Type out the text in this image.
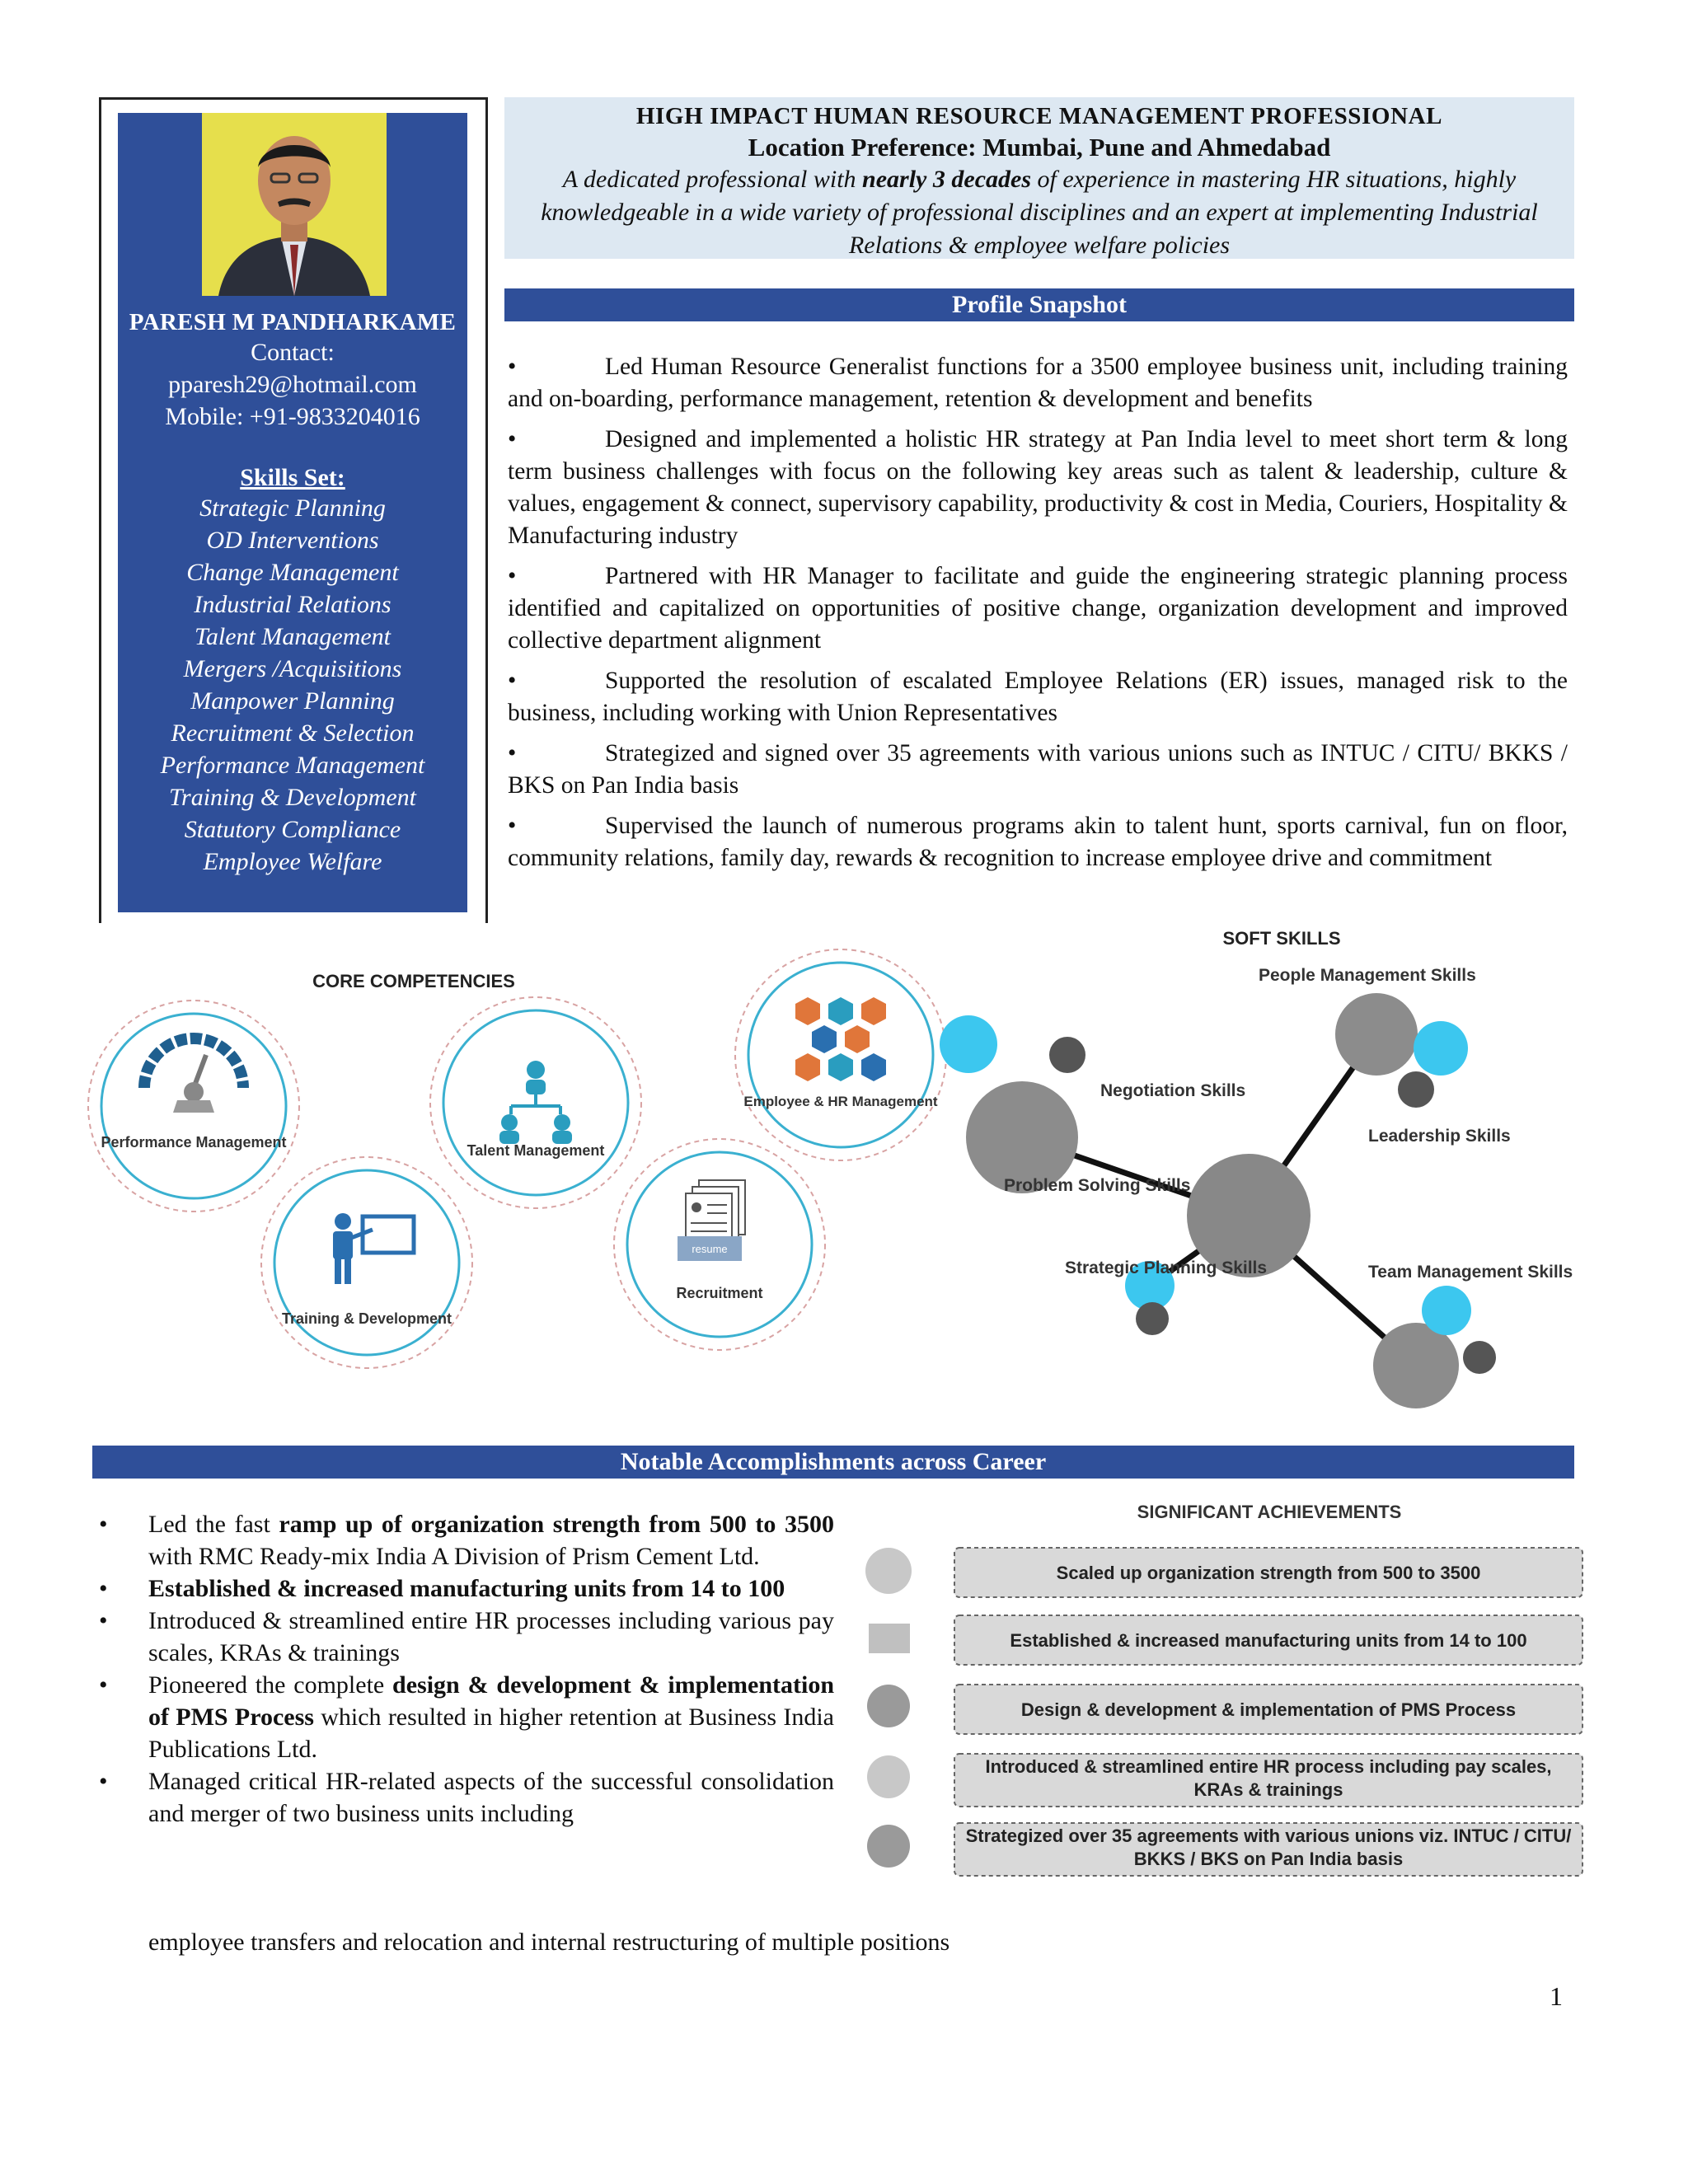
PARESH M PANDHARKAME
Contact:
pparesh29@hotmail.com
Mobile: +91-9833204016
Skills Set:
Strategic Planning
OD Interventions
Change Management
Industrial Relations
Talent Management
Mergers /Acquisitions
Manpower Planning
Recruitment & Selection
Performance Management
Training & Development
Statutory Compliance
Employee Welfare
HIGH IMPACT HUMAN RESOURCE MANAGEMENT PROFESSIONAL
Location Preference: Mumbai, Pune and Ahmedabad
A dedicated professional with nearly 3 decades of experience in mastering HR situations, highly knowledgeable in a wide variety of professional disciplines and an expert at implementing Industrial Relations & employee welfare policies
Profile Snapshot
•	Led Human Resource Generalist functions for a 3500 employee business unit, including training and on-boarding, performance management, retention & development and benefits
•	Designed and implemented a holistic HR strategy at Pan India level to meet short term & long term business challenges with focus on the following key areas such as talent & leadership, culture & values, engagement & connect, supervisory capability, productivity & cost in Media, Couriers, Hospitality & Manufacturing industry
•	Partnered with HR Manager to facilitate and guide the engineering strategic planning process identified and capitalized on opportunities of positive change, organization development and improved collective department alignment
•	Supported the resolution of escalated Employee Relations (ER) issues, managed risk to the business, including working with Union Representatives
•	Strategized and signed over 35 agreements with various unions such as INTUC / CITU/ BKKS / BKS on Pan India basis
•	Supervised the launch of numerous programs akin to talent hunt, sports carnival, fun on floor, community relations, family day, rewards & recognition to increase employee drive and commitment
CORE COMPETENCIES
Performance Management	Talent Management
Employee & HR Management
Training & Development
resume
Recruitment
SOFT SKILLS
People Management Skills
Negotiation Skills
Leadership Skills
Problem Solving Skills
Strategic Planning Skills	Team Management Skills
Notable Accomplishments across Career
• Led the fast ramp up of organization strength from 500 to 3500 with RMC Ready-mix India A Division of Prism Cement Ltd.
• Established & increased manufacturing units from 14 to 100
• Introduced & streamlined entire HR processes including various pay scales, KRAs & trainings
• Pioneered the complete design & development & implementation of PMS Process which resulted in higher retention at Business India Publications Ltd.
• Managed critical HR-related aspects of the successful consolidation and merger of two business units including
employee transfers and relocation and internal restructuring of multiple positions
SIGNIFICANT ACHIEVEMENTS
Scaled up organization strength from 500 to 3500
Established & increased manufacturing units from 14 to 100
Design & development & implementation of PMS Process
Introduced & streamlined entire HR process including pay scales, KRAs & trainings
Strategized over 35 agreements with various unions viz. INTUC / CITU/ BKKS / BKS on Pan India basis
1
